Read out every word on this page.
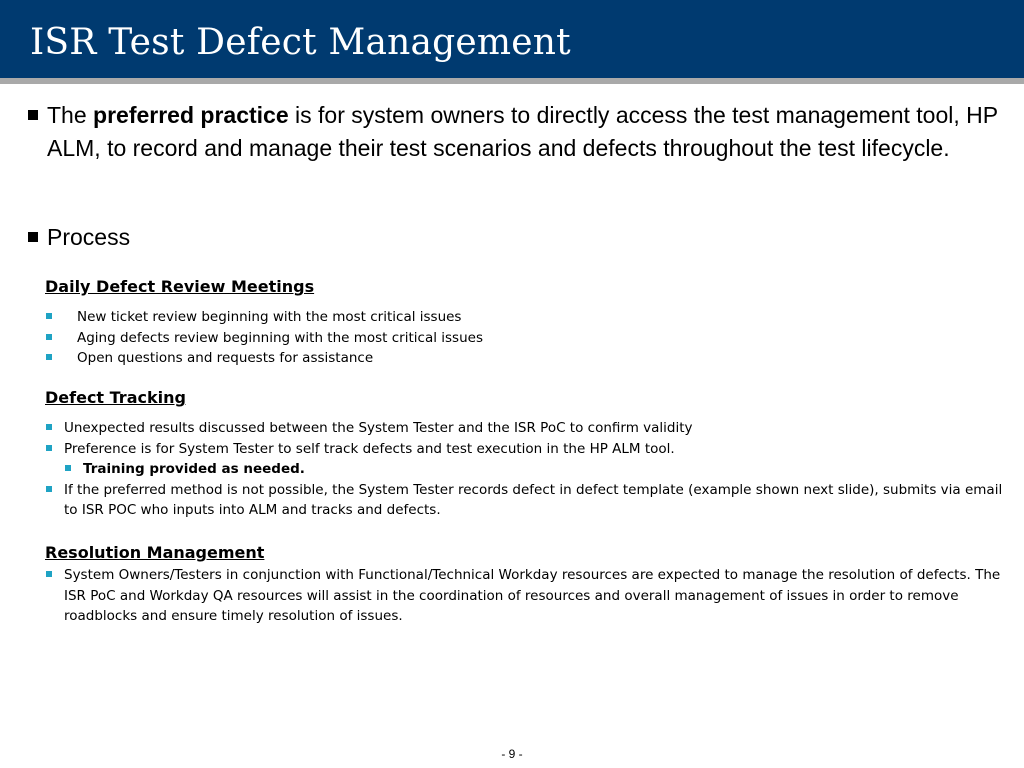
ISR Test Defect Management
The preferred practice is for system owners to directly access the test management tool, HP ALM, to record and manage their test scenarios and defects throughout the test lifecycle.
Process
Daily Defect Review Meetings
New ticket review beginning with the most critical issues
Aging defects review beginning with the most critical issues
Open questions and requests for assistance
Defect Tracking
Unexpected results discussed between the System Tester and the ISR PoC to confirm validity
Preference is for System Tester to self track defects and test execution in the HP ALM tool.
Training provided as needed.
If the preferred method is not possible, the System Tester records defect in defect template (example shown next slide), submits via email to ISR POC who inputs into ALM and tracks and defects.
Resolution Management
System Owners/Testers in conjunction with Functional/Technical Workday resources are expected to manage the resolution of defects. The ISR PoC and Workday QA resources will assist in the coordination of resources and overall management of issues in order to remove roadblocks and ensure timely resolution of issues.
- 9 -
